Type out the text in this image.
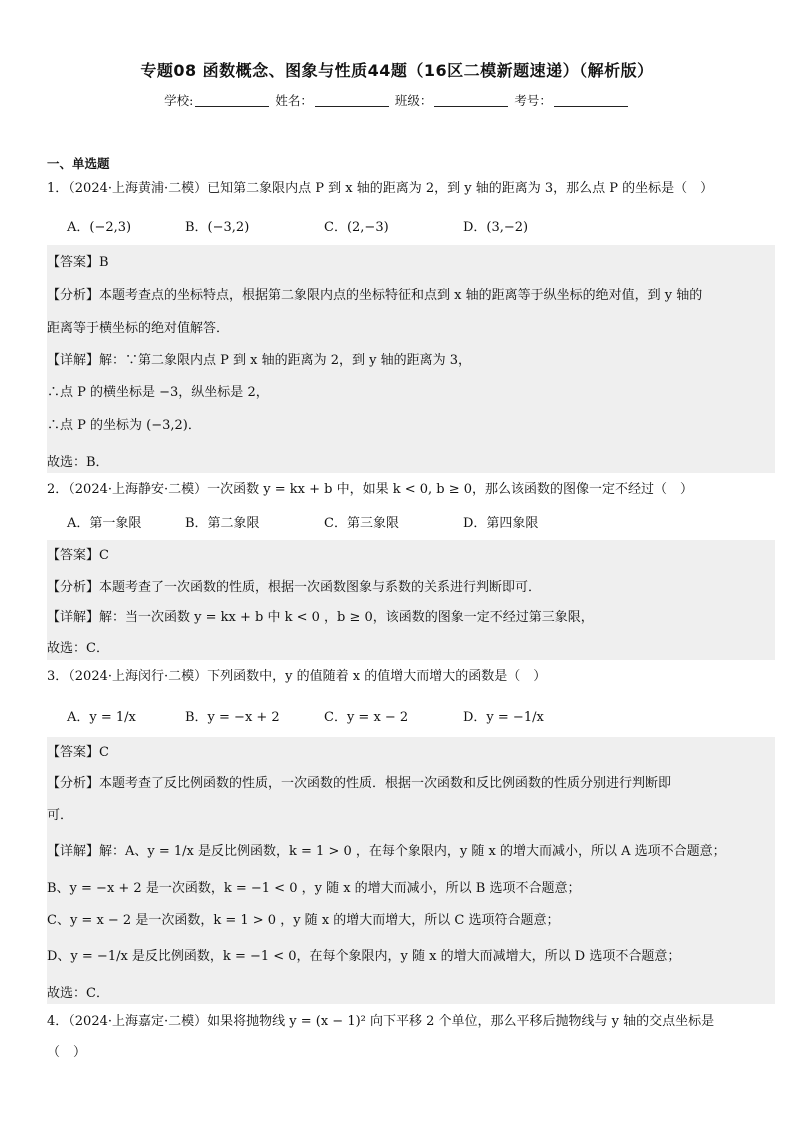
专题08 函数概念、图象与性质44题（16区二模新题速递）（解析版）
学校:	姓名：	班级：	考号：
一、单选题
1．（2024·上海黄浦·二模）已知第二象限内点 P 到 x 轴的距离为 2，到 y 轴的距离为 3，那么点 P 的坐标是（　）
A．(−2,3)	B．(−3,2)	C．(2,−3)	D．(3,−2)
【答案】B
【分析】本题考查点的坐标特点，根据第二象限内点的坐标特征和点到 x 轴的距离等于纵坐标的绝对值，到 y 轴的
距离等于横坐标的绝对值解答．
【详解】解：∵第二象限内点 P 到 x 轴的距离为 2，到 y 轴的距离为 3，
∴点 P 的横坐标是 −3，纵坐标是 2，
∴点 P 的坐标为 (−3,2)．
故选：B．
2．（2024·上海静安·二模）一次函数 y = kx + b 中，如果 k < 0, b ≥ 0，那么该函数的图像一定不经过（　）
A．第一象限	B．第二象限	C．第三象限	D．第四象限
【答案】C
【分析】本题考查了一次函数的性质，根据一次函数图象与系数的关系进行判断即可．
【详解】解：当一次函数 y = kx + b 中 k < 0 ，b ≥ 0，该函数的图象一定不经过第三象限，
故选：C．
3．（2024·上海闵行·二模）下列函数中，y 的值随着 x 的值增大而增大的函数是（　）
A．y = 1/x	B．y = −x + 2	C．y = x − 2	D．y = −1/x
【答案】C
【分析】本题考查了反比例函数的性质，一次函数的性质．根据一次函数和反比例函数的性质分别进行判断即
可．
【详解】解：A、y = 1/x 是反比例函数，k = 1 > 0 ，在每个象限内，y 随 x 的增大而减小，所以 A 选项不合题意；
B、y = −x + 2 是一次函数，k = −1 < 0 ，y 随 x 的增大而减小，所以 B 选项不合题意；
C、y = x − 2 是一次函数，k = 1 > 0 ，y 随 x 的增大而增大，所以 C 选项符合题意；
D、y = −1/x 是反比例函数，k = −1 < 0，在每个象限内，y 随 x 的增大而减增大，所以 D 选项不合题意；
故选：C．
4．（2024·上海嘉定·二模）如果将抛物线 y = (x − 1)² 向下平移 2 个单位，那么平移后抛物线与 y 轴的交点坐标是
（　）
